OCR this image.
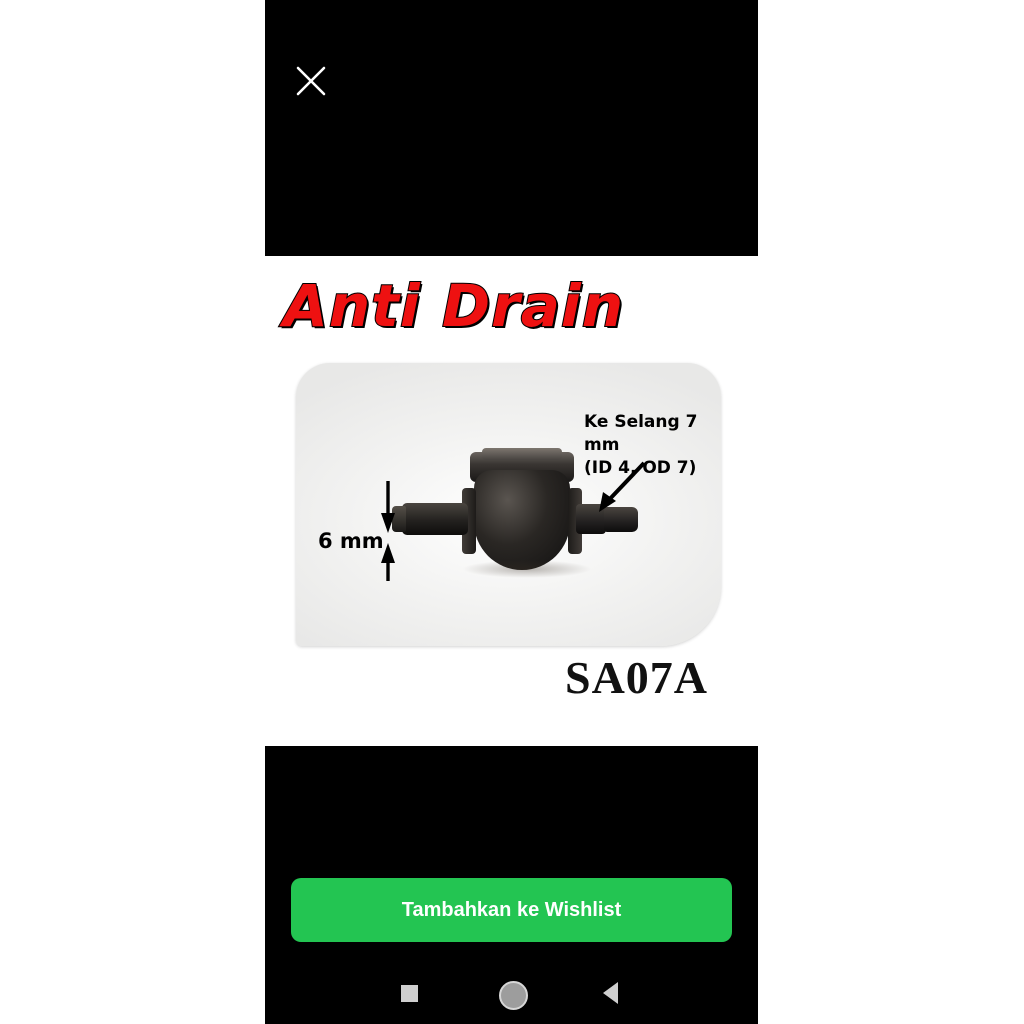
Anti Drain
6 mm
Ke Selang 7 mm
(ID 4, OD 7)
SA07A
Tambahkan ke Wishlist
